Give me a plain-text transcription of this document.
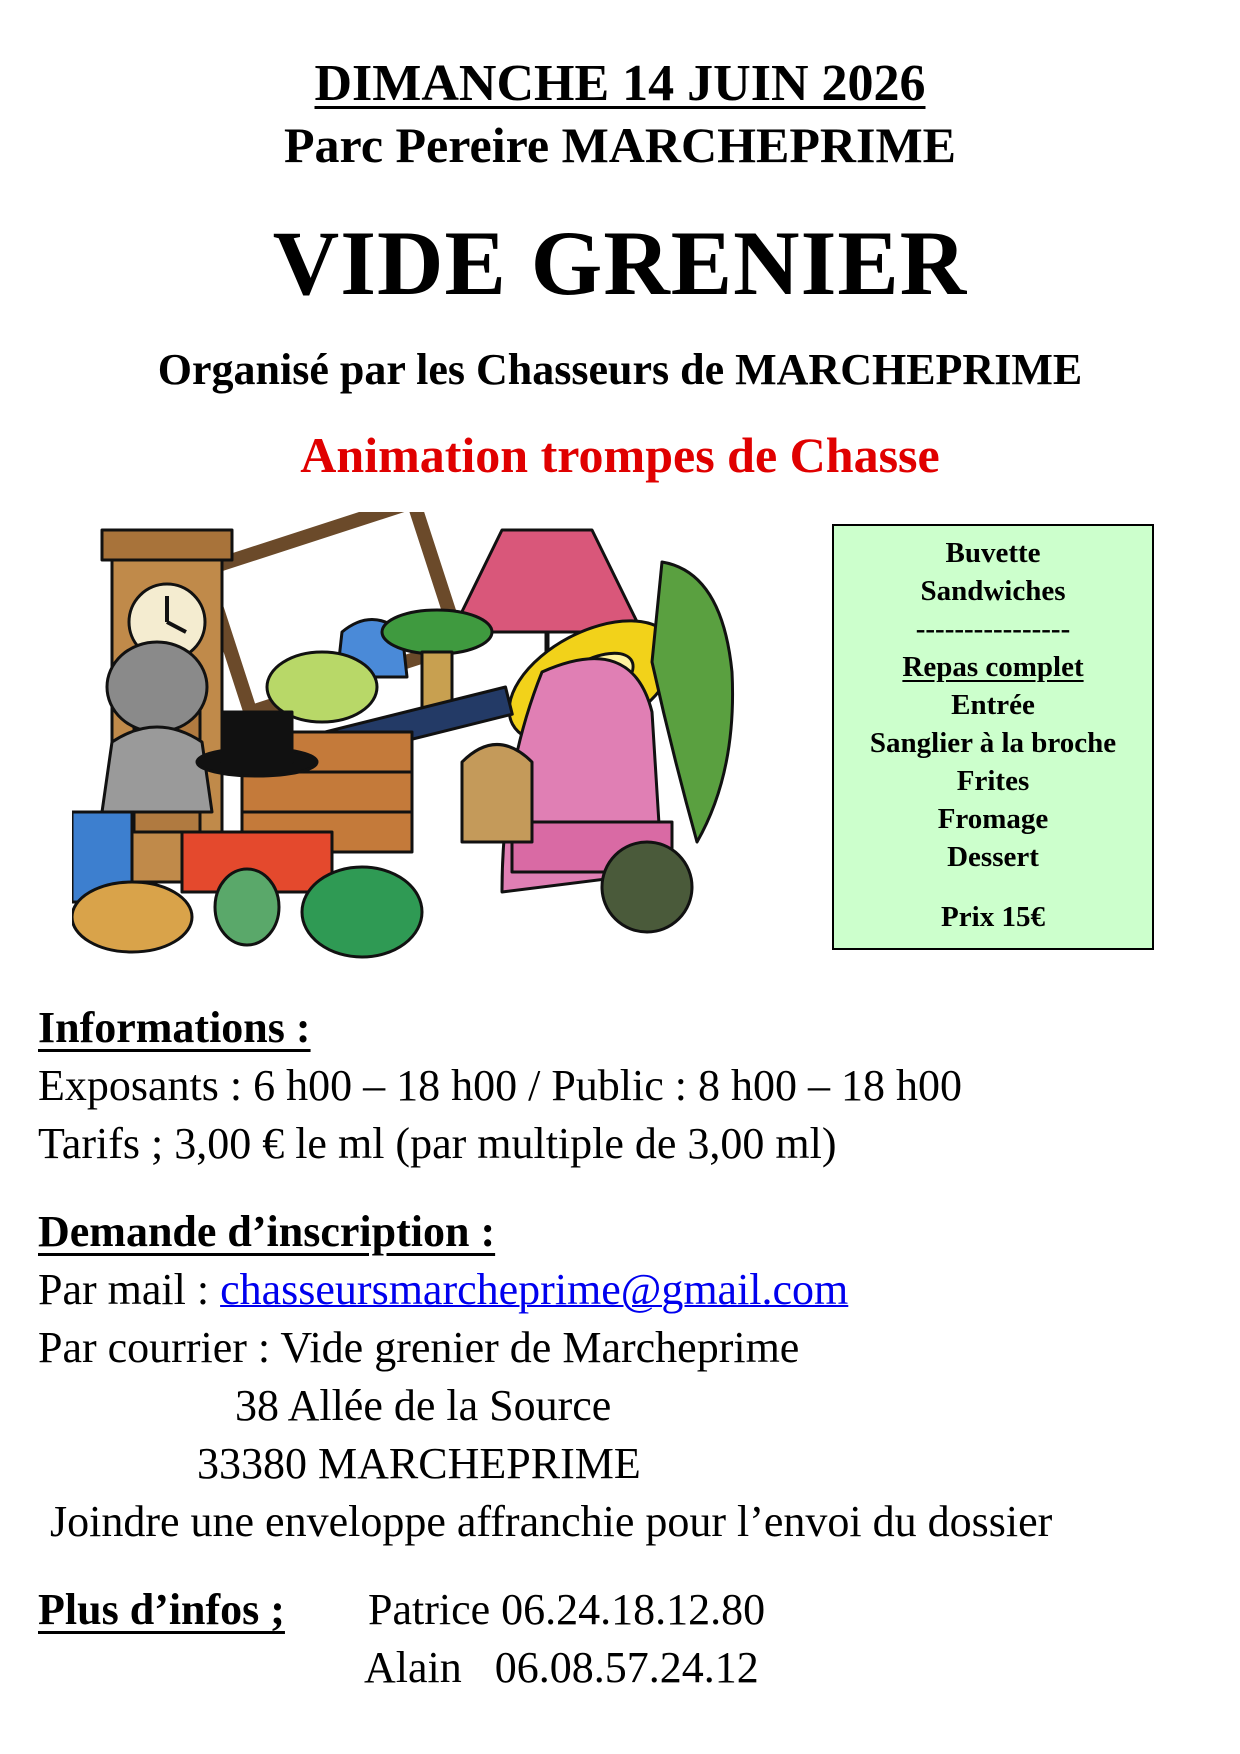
DIMANCHE 14 JUIN 2026
Parc Pereire MARCHEPRIME
VIDE GRENIER
Organisé par les Chasseurs de MARCHEPRIME
Animation trompes de Chasse
Buvette
Sandwiches
----------------
Repas complet
Entrée
Sanglier à la broche
Frites
Fromage
Dessert
Prix 15€
Informations :
Exposants : 6 h00 – 18 h00 / Public : 8 h00 – 18 h00
Tarifs ; 3,00 € le ml (par multiple de 3,00 ml)
Demande d’inscription :
Par mail : chasseursmarcheprime@gmail.com
Par courrier : Vide grenier de Marcheprime
38 Allée de la Source
33380 MARCHEPRIME
Joindre une enveloppe affranchie pour l’envoi du dossier
Plus d’infos ; Patrice 06.24.18.12.80
Alain   06.08.57.24.12
